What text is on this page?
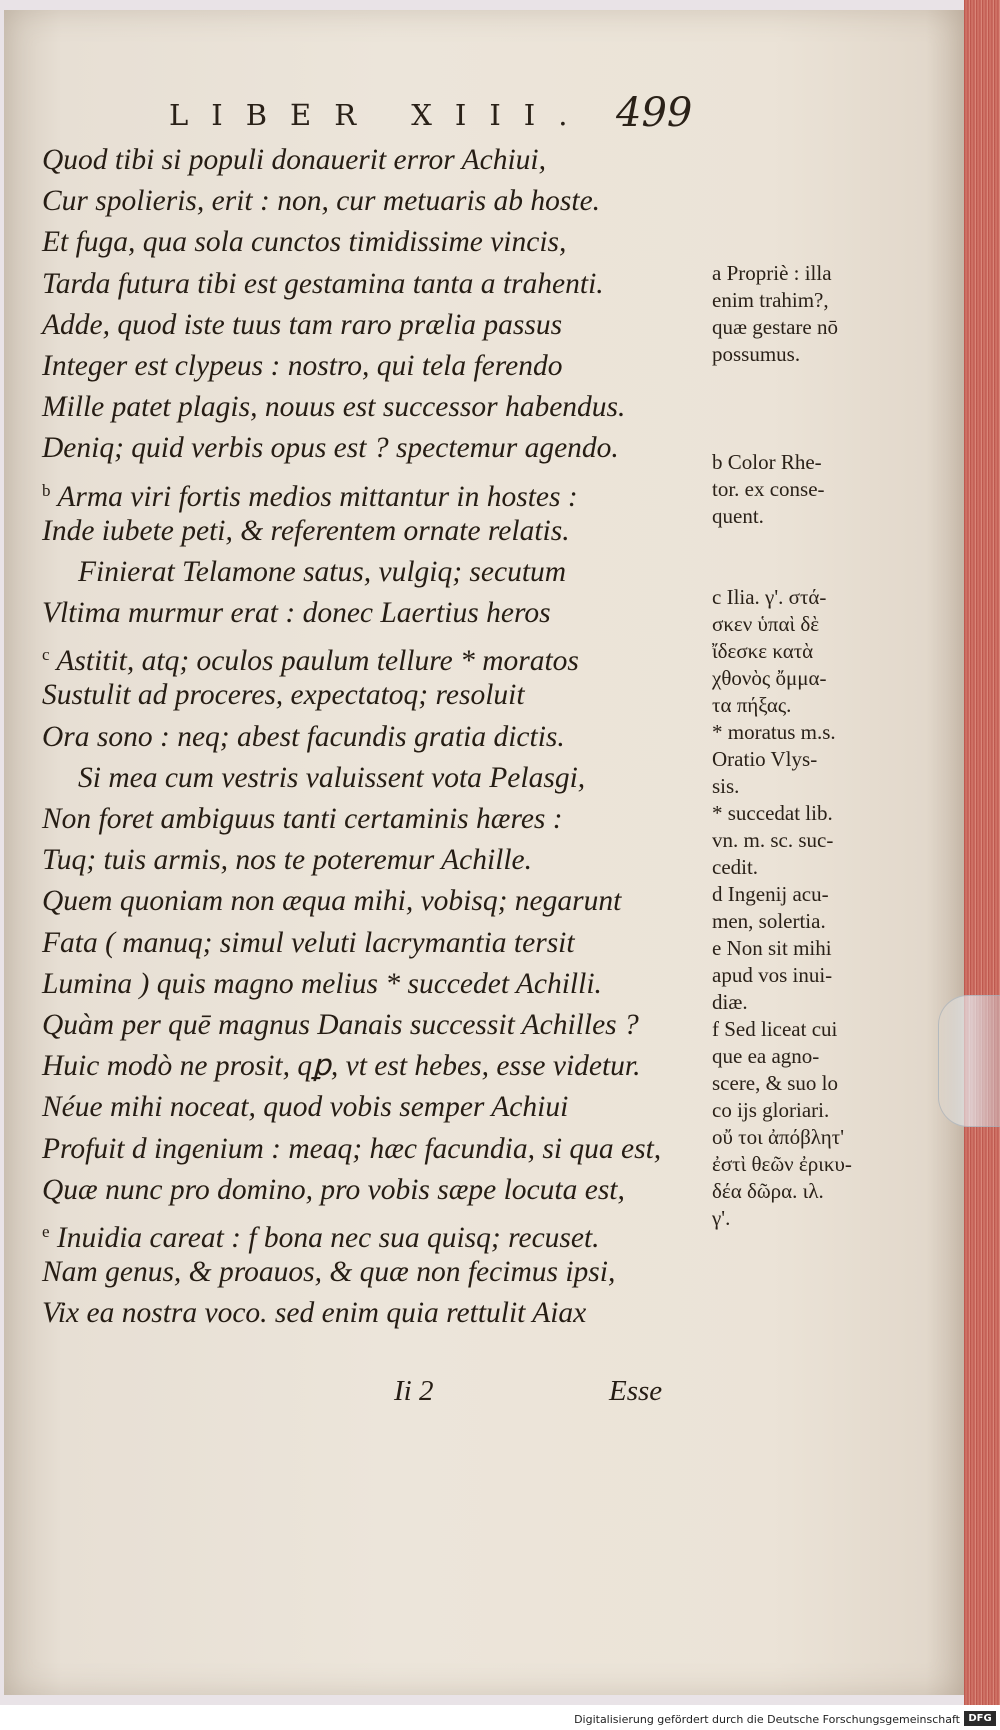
LIBER XIII. 499
Quod tibi si populi donauerit error Achiui,
Cur spolieris, erit : non, cur metuaris ab hoste.
Et fuga, qua sola cunctos timidissime vincis,
Tarda futura tibi est gestamina tanta a trahenti.
Adde, quod iste tuus tam raro prælia passus
Integer est clypeus : nostro, qui tela ferendo
Mille patet plagis, nouus est successor habendus.
Deniq; quid verbis opus est ? spectemur agendo.
$^b$ Arma viri fortis medios mittantur in hostes :
Inde iubete peti, & referentem ornate relatis.
Finierat Telamone satus, vulgiq; secutum
Vltima murmur erat : donec Laertius heros
$^c$ Astitit, atq; oculos paulum tellure * moratos
Sustulit ad proceres, expectatoq; resoluit
Ora sono : neq; abest facundis gratia dictis.
Si mea cum vestris valuissent vota Pelasgi,
Non foret ambiguus tanti certaminis hæres :
Tuq; tuis armis, nos te poteremur Achille.
Quem quoniam non æqua mihi, vobisq; negarunt
Fata ( manuq; simul veluti lacrymantia tersit
Lumina ) quis magno melius * succedet Achilli.
Quàm per quē magnus Danais successit Achilles ?
Huic modò ne prosit, qꝑ, vt est hebes, esse videtur.
Néue mihi noceat, quod vobis semper Achiui
Profuit d ingenium : meaq; hæc facundia, si qua est,
Quæ nunc pro domino, pro vobis sæpe locuta est,
$^e$ Inuidia careat : f bona nec sua quisq; recuset.
Nam genus, & proauos, & quæ non fecimus ipsi,
Vix ea nostra voco. sed enim quia rettulit Aiax
a Propriè : illa
enim trahim?,
quæ gestare nō
possumus.
b Color Rhe-
tor. ex conse-
quent.
c Ilia. γ'. στά-
σκεν ὑπαὶ δὲ
ἴδεσκε κατὰ
χθονὸς ὄμμα-
τα πήξας.
* moratus m.s.
Oratio Vlys-
sis.
* succedat lib.
vn. m. sc. suc-
cedit.
d Ingenij acu-
men, solertia.
e Non sit mihi
apud vos inui-
diæ.
f Sed liceat cui
que ea agno-
scere, & suo lo
co ijs gloriari.
οὔ τοι ἀπόβλητ'
ἐστὶ θεῶν ἐρικυ-
δέα δῶρα. ιλ.
γ'.
Ii 2	Esse
Digitalisierung gefördert durch die Deutsche Forschungsgemeinschaft DFG
